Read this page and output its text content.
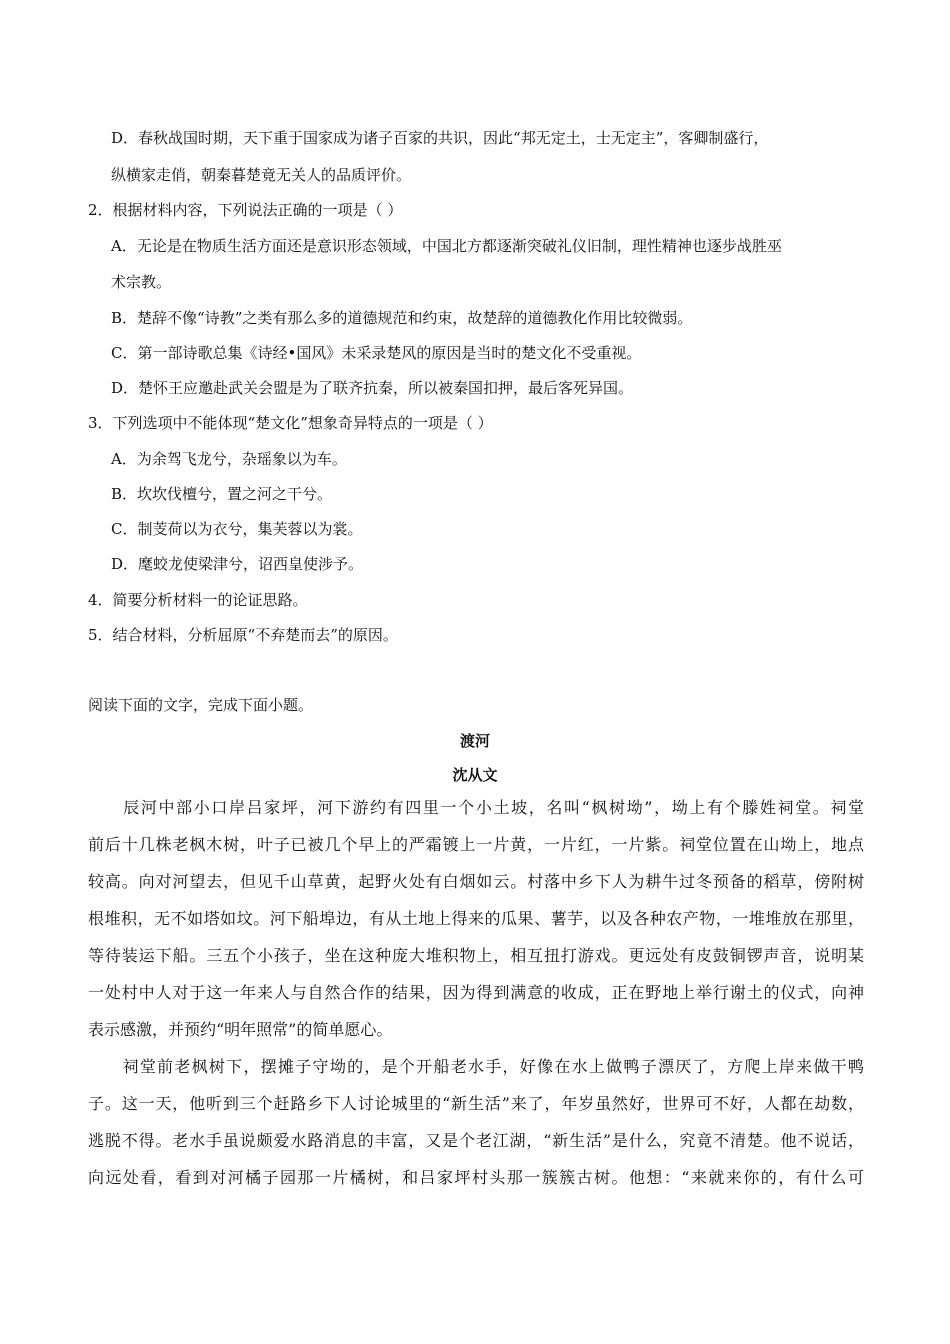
D．春秋战国时期，天下重于国家成为诸子百家的共识，因此“邦无定土，士无定主”，客卿制盛行，
纵横家走俏，朝秦暮楚竟无关人的品质评价。
2．根据材料内容，下列说法正确的一项是（ ）
A．无论是在物质生活方面还是意识形态领域，中国北方都逐渐突破礼仪旧制，理性精神也逐步战胜巫
术宗教。
B．楚辞不像“诗教”之类有那么多的道德规范和约束，故楚辞的道德教化作用比较微弱。
C．第一部诗歌总集《诗经•国风》未采录楚风的原因是当时的楚文化不受重视。
D．楚怀王应邀赴武关会盟是为了联齐抗秦，所以被秦国扣押，最后客死异国。
3．下列选项中不能体现“楚文化”想象奇异特点的一项是（ ）
A．为余驾飞龙兮，杂瑶象以为车。
B．坎坎伐檀兮，置之河之干兮。
C．制芰荷以为衣兮，集芙蓉以为裳。
D．麾蛟龙使梁津兮，诏西皇使涉予。
4．简要分析材料一的论证思路。
5．结合材料，分析屈原“不弃楚而去”的原因。
阅读下面的文字，完成下面小题。
渡河
沈从文
　　辰河中部小口岸吕家坪，河下游约有四里一个小土坡，名叫“枫树坳”，坳上有个滕姓祠堂。祠堂
前后十几株老枫木树，叶子已被几个早上的严霜镀上一片黄，一片红，一片紫。祠堂位置在山坳上，地点
较高。向对河望去，但见千山草黄，起野火处有白烟如云。村落中乡下人为耕牛过冬预备的稻草，傍附树
根堆积，无不如塔如坟。河下船埠边，有从土地上得来的瓜果、薯芋，以及各种农产物，一堆堆放在那里，
等待装运下船。三五个小孩子，坐在这种庞大堆积物上，相互扭打游戏。更远处有皮鼓铜锣声音，说明某
一处村中人对于这一年来人与自然合作的结果，因为得到满意的收成，正在野地上举行谢土的仪式，向神
表示感激，并预约“明年照常”的简单愿心。
　　祠堂前老枫树下，摆摊子守坳的，是个开船老水手，好像在水上做鸭子漂厌了，方爬上岸来做干鸭
子。这一天，他听到三个赶路乡下人讨论城里的“新生活”来了，年岁虽然好，世界可不好，人都在劫数，
逃脱不得。老水手虽说颇爱水路消息的丰富，又是个老江湖，“新生活”是什么，究竟不清楚。他不说话，
向远处看，看到对河橘子园那一片橘树，和吕家坪村头那一簇簇古树。他想：“来就来你的，有什么可
